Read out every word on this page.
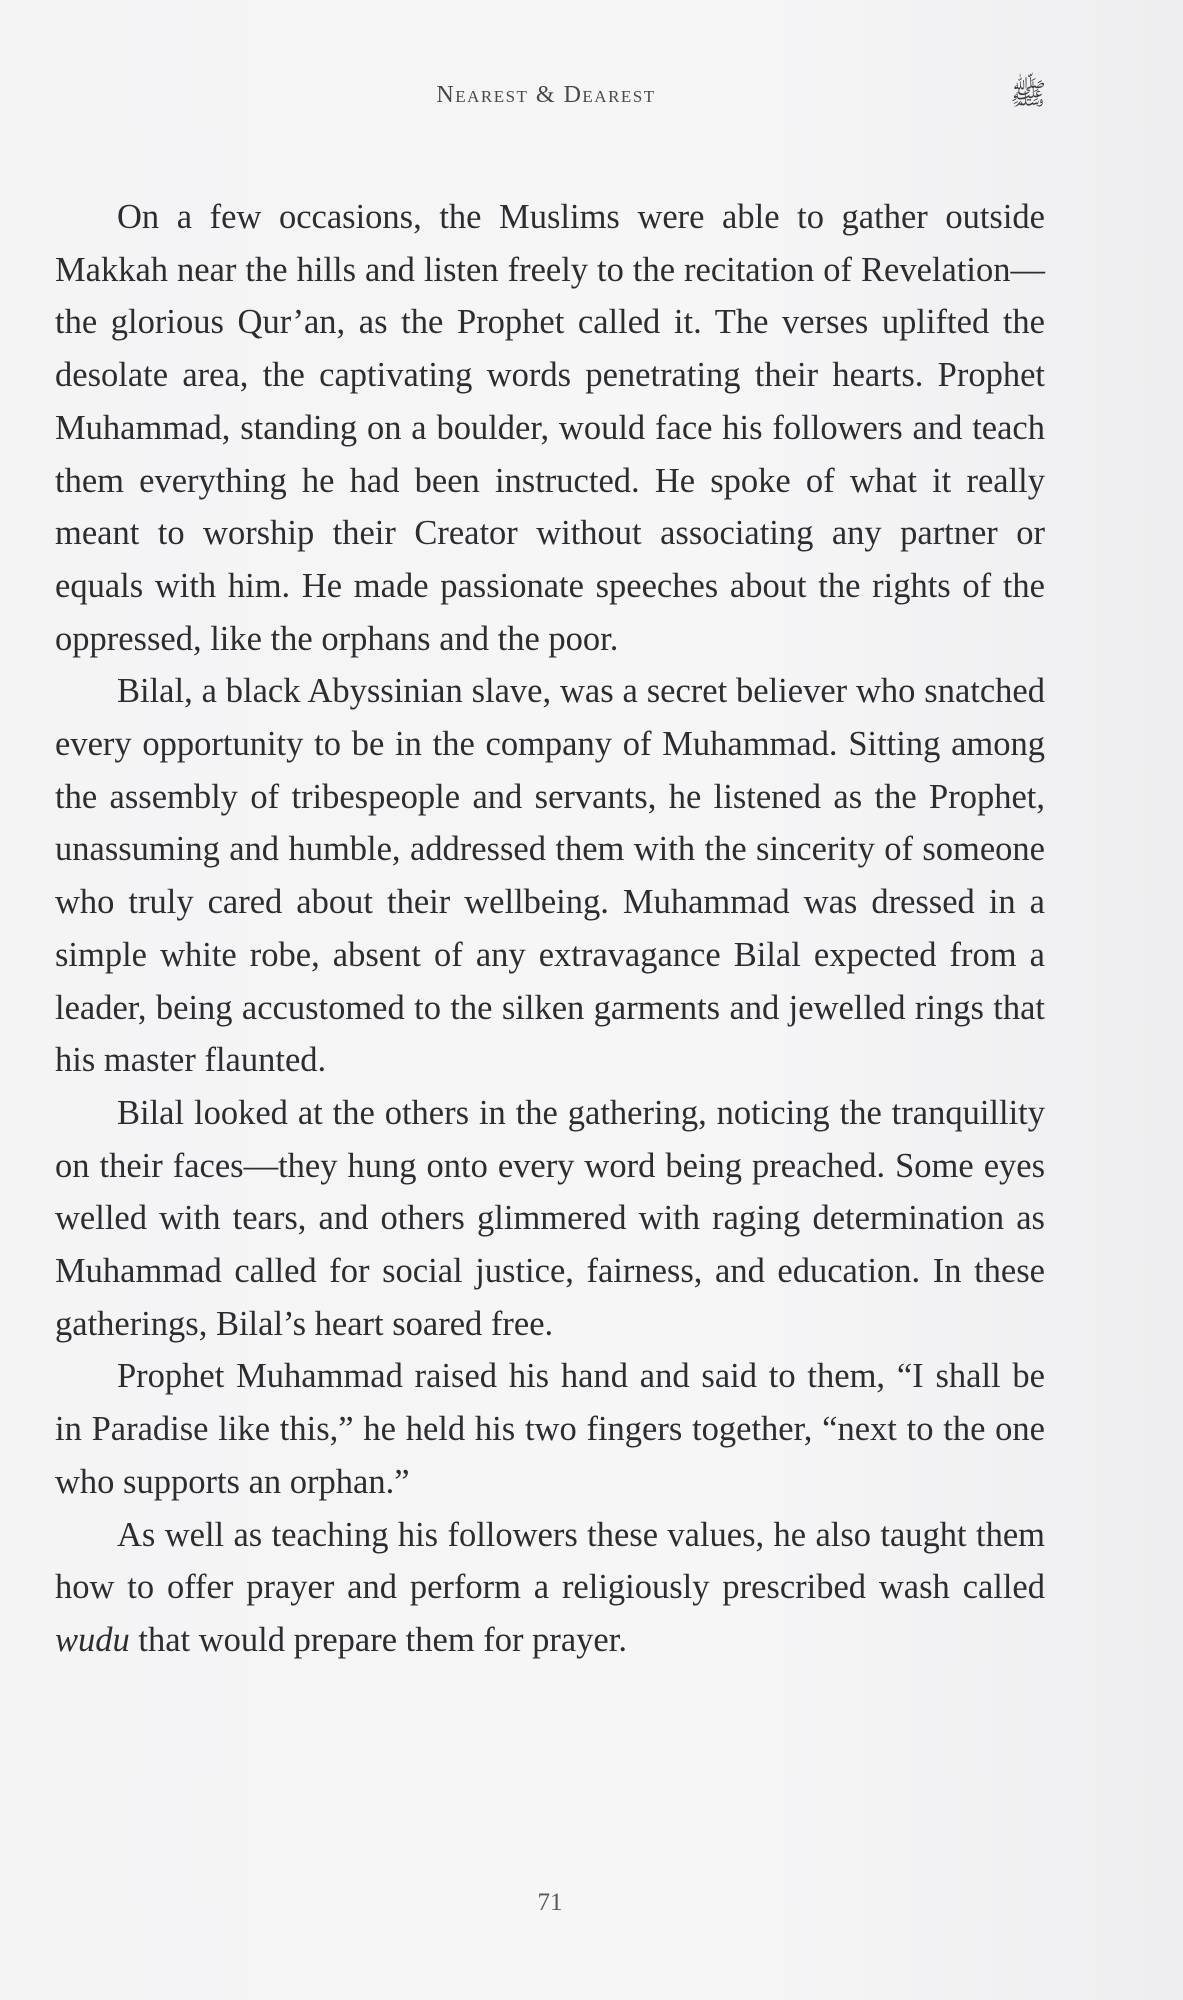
Nearest & Dearest	ﷺ

On a few occasions, the Muslims were able to gather outside Makkah near the hills and listen freely to the recitation of Revelation—the glorious Qur’an, as the Prophet called it. The verses uplifted the desolate area, the captivating words penetrating their hearts. Prophet Muhammad, standing on a boulder, would face his followers and teach them everything he had been instructed. He spoke of what it really meant to worship their Creator without associating any partner or equals with him. He made passionate speeches about the rights of the oppressed, like the orphans and the poor.

Bilal, a black Abyssinian slave, was a secret believer who snatched every opportunity to be in the company of Muhammad. Sitting among the assembly of tribespeople and servants, he listened as the Prophet, unassuming and humble, addressed them with the sincerity of someone who truly cared about their wellbeing. Muhammad was dressed in a simple white robe, absent of any extravagance Bilal expected from a leader, being accustomed to the silken garments and jewelled rings that his master flaunted.

Bilal looked at the others in the gathering, noticing the tranquillity on their faces—they hung onto every word being preached. Some eyes welled with tears, and others glimmered with raging determination as Muhammad called for social justice, fairness, and education. In these gatherings, Bilal’s heart soared free.

Prophet Muhammad raised his hand and said to them, “I shall be in Paradise like this,” he held his two fingers together, “next to the one who supports an orphan.”

As well as teaching his followers these values, he also taught them how to offer prayer and perform a religiously prescribed wash called wudu that would prepare them for prayer.

71
